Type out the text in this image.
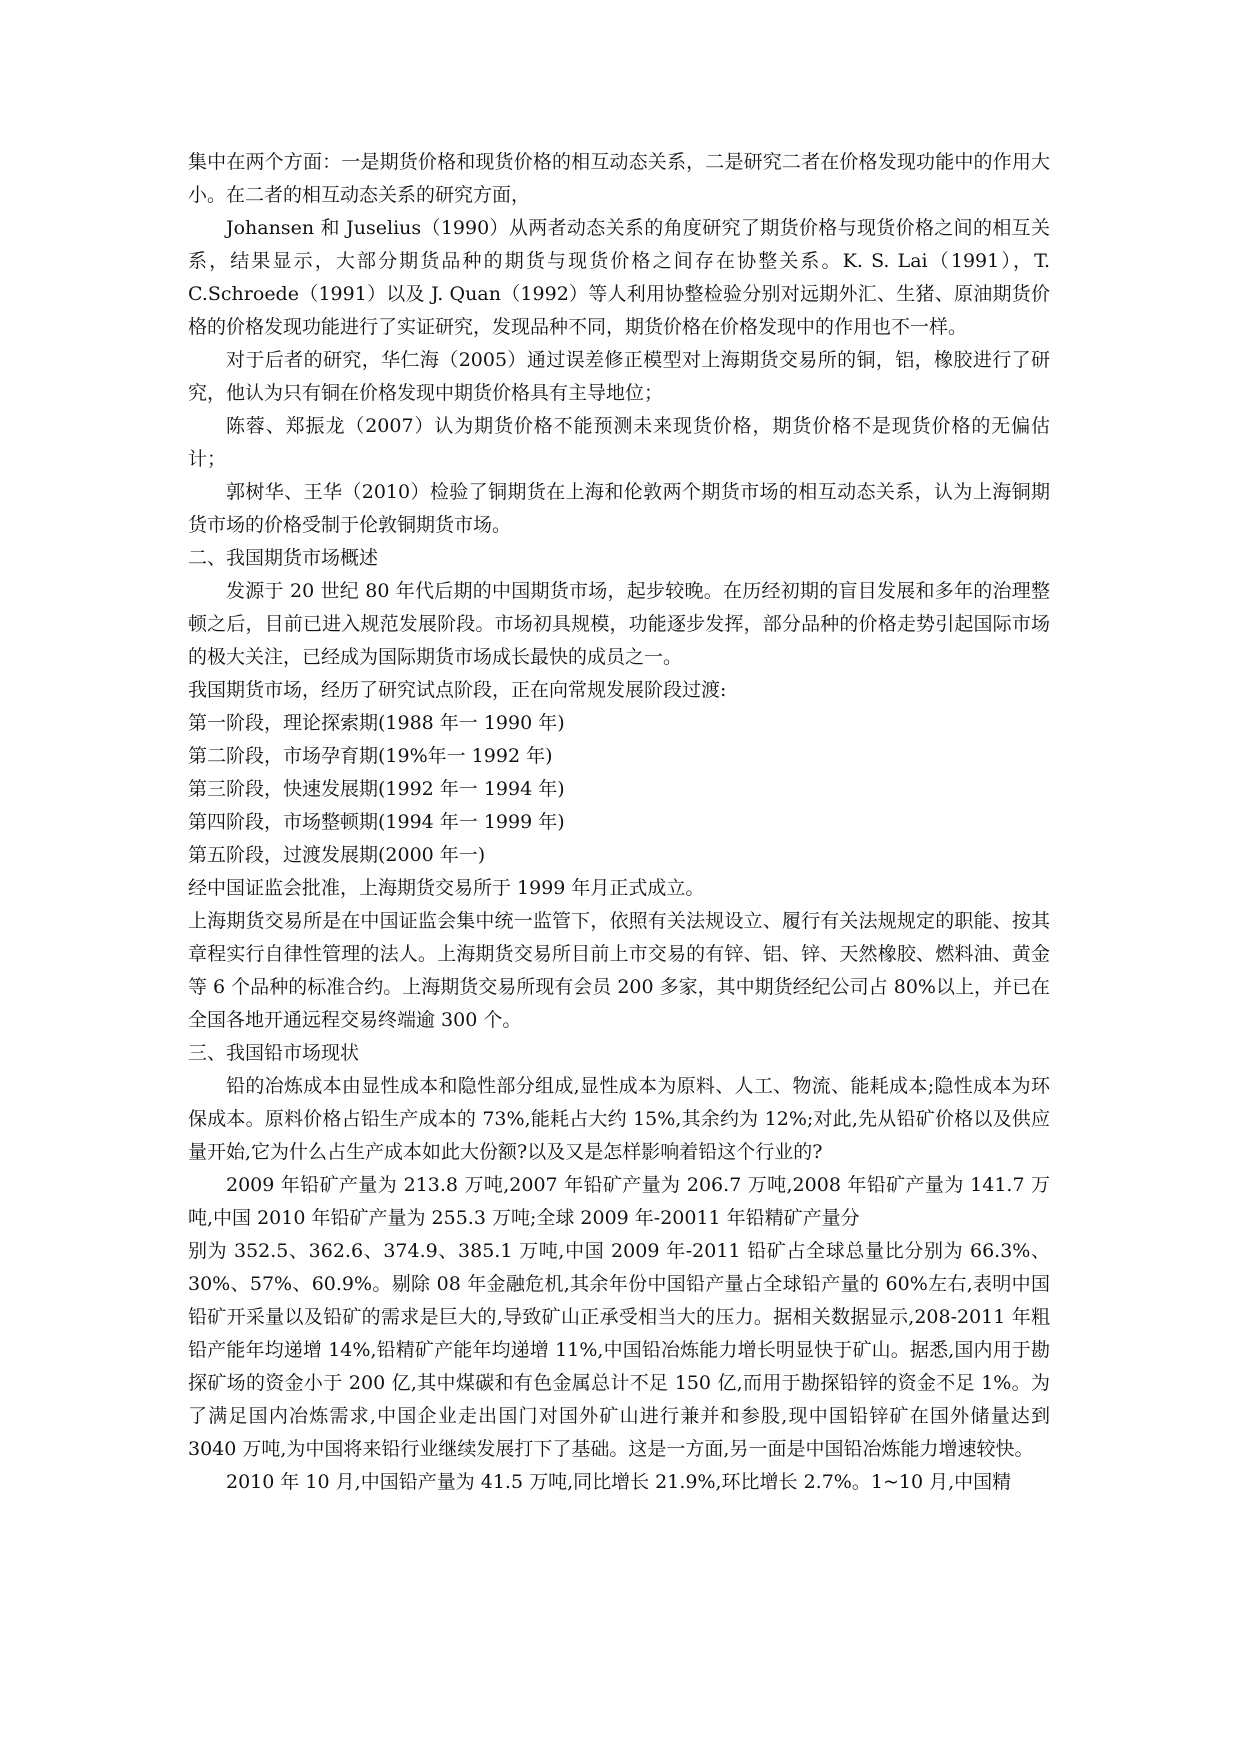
集中在两个方面：一是期货价格和现货价格的相互动态关系，二是研究二者在价格发现功能中的作用大小。在二者的相互动态关系的研究方面，

Johansen 和 Juselius（1990）从两者动态关系的角度研究了期货价格与现货价格之间的相互关系，结果显示，大部分期货品种的期货与现货价格之间存在协整关系。K. S. Lai（1991），T. C.Schroede（1991）以及 J. Quan（1992）等人利用协整检验分别对远期外汇、生猪、原油期货价格的价格发现功能进行了实证研究，发现品种不同，期货价格在价格发现中的作用也不一样。

对于后者的研究，华仁海（2005）通过误差修正模型对上海期货交易所的铜，铝，橡胶进行了研究，他认为只有铜在价格发现中期货价格具有主导地位；

陈蓉、郑振龙（2007）认为期货价格不能预测未来现货价格，期货价格不是现货价格的无偏估计；

郭树华、王华（2010）检验了铜期货在上海和伦敦两个期货市场的相互动态关系，认为上海铜期货市场的价格受制于伦敦铜期货市场。

二、我国期货市场概述

发源于 20 世纪 80 年代后期的中国期货市场，起步较晚。在历经初期的盲目发展和多年的治理整顿之后，目前已进入规范发展阶段。市场初具规模，功能逐步发挥，部分品种的价格走势引起国际市场的极大关注，已经成为国际期货市场成长最快的成员之一。

我国期货市场，经历了研究试点阶段，正在向常规发展阶段过渡:

第一阶段，理论探索期(1988 年一 1990 年)

第二阶段，市场孕育期(19%年一 1992 年)

第三阶段，快速发展期(1992 年一 1994 年)

第四阶段，市场整顿期(1994 年一 1999 年)

第五阶段，过渡发展期(2000 年一)

经中国证监会批准，上海期货交易所于 1999 年月正式成立。

上海期货交易所是在中国证监会集中统一监管下，依照有关法规设立、履行有关法规规定的职能、按其章程实行自律性管理的法人。上海期货交易所目前上市交易的有锌、铝、锌、天然橡胶、燃料油、黄金等 6 个品种的标准合约。上海期货交易所现有会员 200 多家，其中期货经纪公司占 80%以上，并已在全国各地开通远程交易终端逾 300 个。

三、我国铅市场现状

铅的冶炼成本由显性成本和隐性部分组成,显性成本为原料、人工、物流、能耗成本;隐性成本为环保成本。原料价格占铅生产成本的 73%,能耗占大约 15%,其余约为 12%;对此,先从铅矿价格以及供应量开始,它为什么占生产成本如此大份额?以及又是怎样影响着铅这个行业的?

2009 年铅矿产量为 213.8 万吨,2007 年铅矿产量为 206.7 万吨,2008 年铅矿产量为 141.7 万吨,中国 2010 年铅矿产量为 255.3 万吨;全球 2009 年-20011 年铅精矿产量分

别为 352.5、362.6、374.9、385.1 万吨,中国 2009 年-2011 铅矿占全球总量比分别为 66.3%、30%、57%、60.9%。剔除 08 年金融危机,其余年份中国铅产量占全球铅产量的 60%左右,表明中国铅矿开采量以及铅矿的需求是巨大的,导致矿山正承受相当大的压力。据相关数据显示,208-2011 年粗铅产能年均递增 14%,铅精矿产能年均递增 11%,中国铅冶炼能力增长明显快于矿山。据悉,国内用于勘探矿场的资金小于 200 亿,其中煤碳和有色金属总计不足 150 亿,而用于勘探铅锌的资金不足 1%。为了满足国内冶炼需求,中国企业走出国门对国外矿山进行兼并和参股,现中国铅锌矿在国外储量达到 3040 万吨,为中国将来铅行业继续发展打下了基础。这是一方面,另一面是中国铅冶炼能力增速较快。

2010 年 10 月,中国铅产量为 41.5 万吨,同比增长 21.9%,环比增长 2.7%。1~10 月,中国精
